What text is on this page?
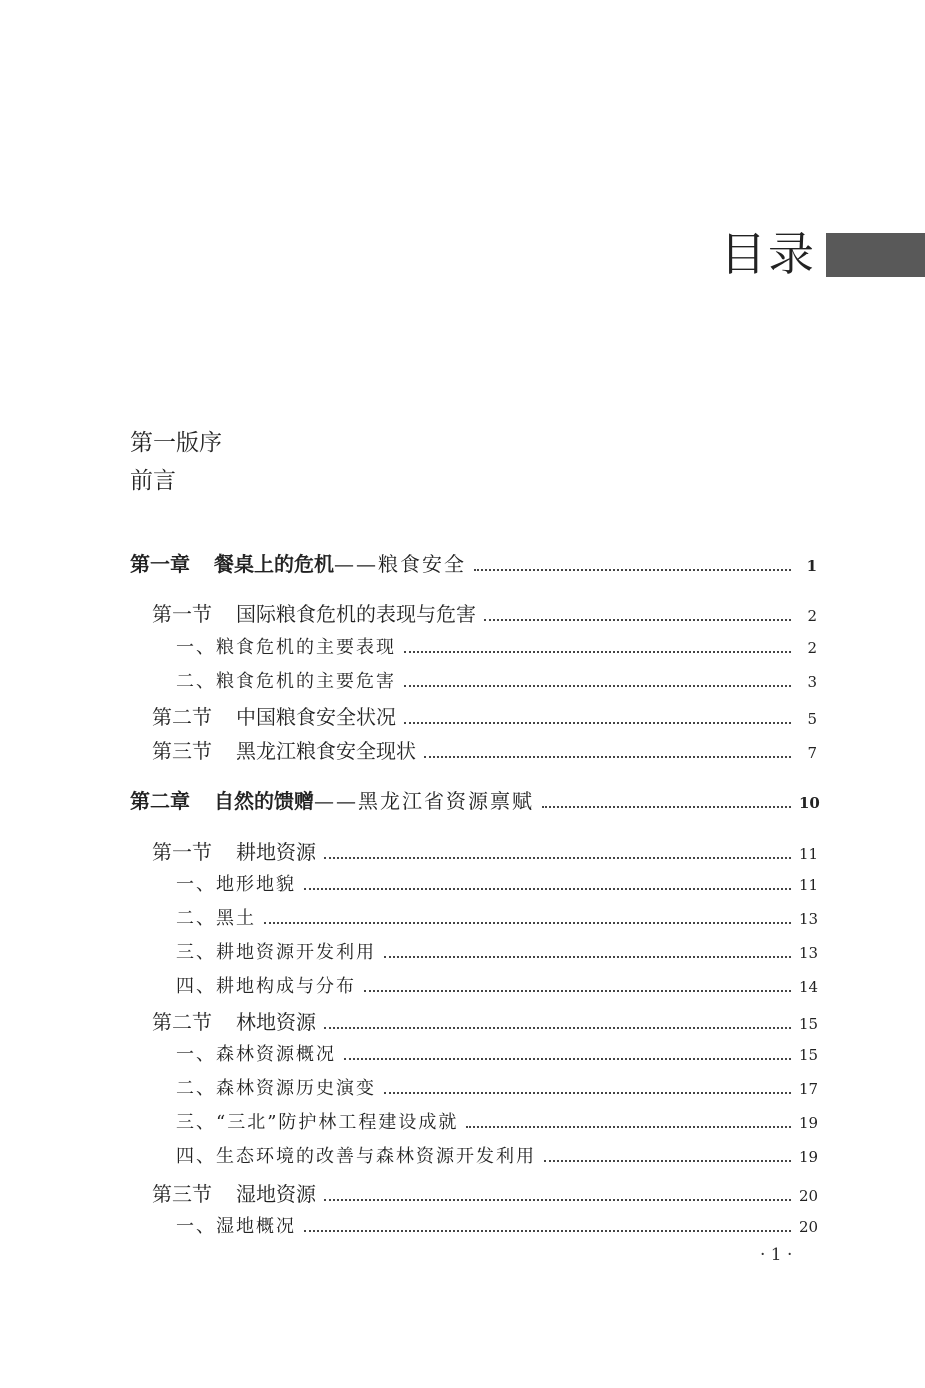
目录
第一版序
前言
第一章 餐桌上的危机 ——粮食安全	1
第一节 国际粮食危机的表现与危害	2
一、粮食危机的主要表现	2
二、粮食危机的主要危害	3
第二节 中国粮食安全状况	5
第三节 黑龙江粮食安全现状	7
第二章 自然的馈赠 ——黑龙江省资源禀赋	10
第一节 耕地资源	11
一、地形地貌	11
二、黑土	13
三、耕地资源开发利用	13
四、耕地构成与分布	14
第二节 林地资源	15
一、森林资源概况	15
二、森林资源历史演变	17
三、“三北”防护林工程建设成就	19
四、生态环境的改善与森林资源开发利用	19
第三节 湿地资源	20
一、湿地概况	20
· 1 ·
